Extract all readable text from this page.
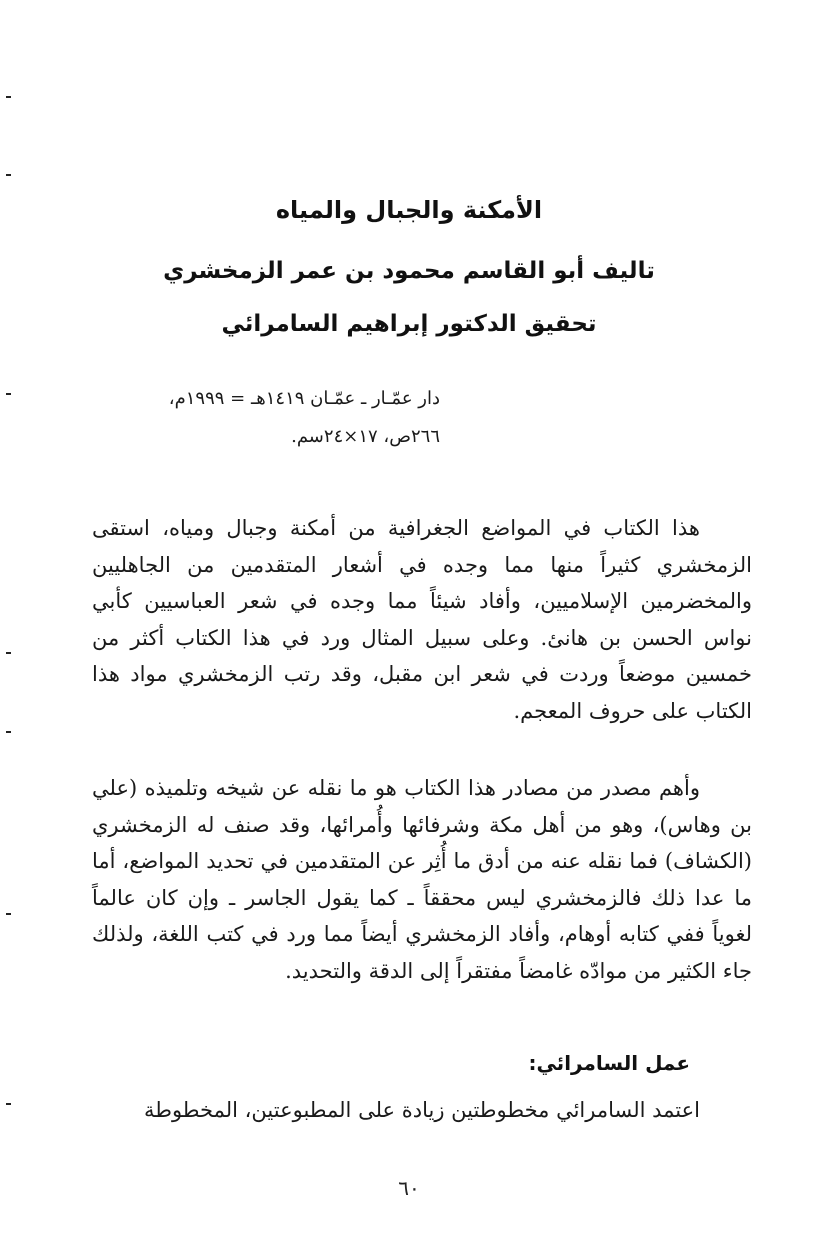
الأمكنة والجبال والمياه
تاليف أبو القاسم محمود بن عمر الزمخشري
تحقيق الدكتور إبراهيم السامرائي
دار عمّـار ـ عمّـان ١٤١٩هـ = ١٩٩٩م،
٢٦٦ص، ١٧×٢٤سم.
هذا الكتاب في المواضع الجغرافية من أمكنة وجبال ومياه، استقى الزمخشري كثيراً منها مما وجده في أشعار المتقدمين من الجاهليين والمخضرمين الإسلاميين، وأفاد شيئاً مما وجده في شعر العباسيين كأبي نواس الحسن بن هانئ. وعلى سبيل المثال ورد في هذا الكتاب أكثر من خمسين موضعاً وردت في شعر ابن مقبل، وقد رتب الزمخشري مواد هذا الكتاب على حروف المعجم.
وأهم مصدر من مصادر هذا الكتاب هو ما نقله عن شيخه وتلميذه (علي بن وهاس)، وهو من أهل مكة وشرفائها وأُمرائها، وقد صنف له الزمخشري (الكشاف) فما نقله عنه من أدق ما أُثِر عن المتقدمين في تحديد المواضع، أما ما عدا ذلك فالزمخشري ليس محققاً ـ كما يقول الجاسر ـ وإن كان عالماً لغوياً ففي كتابه أوهام، وأفاد الزمخشري أيضاً مما ورد في كتب اللغة، ولذلك جاء الكثير من موادّه غامضاً مفتقراً إلى الدقة والتحديد.
عمل السامرائي:
اعتمد السامرائي مخطوطتين زيادة على المطبوعتين، المخطوطة
٦٠
